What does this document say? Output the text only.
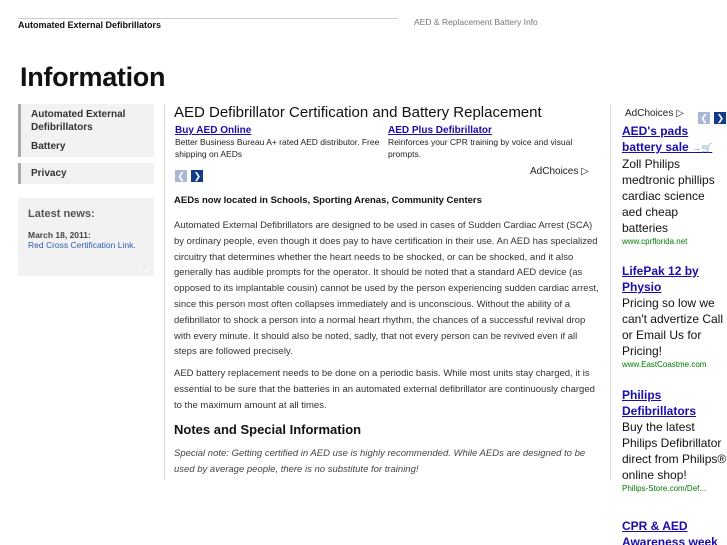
Automated External Defibrillators	AED & Replacement Battery Info
Information
Automated External Defibrillators
Battery
Privacy
Latest news:
March 18, 2011:
Red Cross Certification Link.
.
AED Defibrillator Certification and Battery Replacement
Buy AED Online
Better Business Bureau A+ rated AED distributor. Free shipping on AEDs
AED Plus Defibrillator
Reinforces your CPR training by voice and visual prompts.
❮ ❯	AdChoices ▷
AEDs now located in Schools, Sporting Arenas, Community Centers
Automated External Defibrillators are designed to be used in cases of Sudden Cardiac Arrest (SCA) by ordinary people, even though it does pay to have certification in their use. An AED has specialized circuitry that determines whether the heart needs to be shocked, or can be shocked, and it also generally has audible prompts for the operator. It should be noted that a standard AED device (as opposed to its implantable cousin) cannot be used by the person experiencing sudden cardiac arrest, since this person most often collapses immediately and is unconscious. Without the ability of a defibrillator to shock a person into a normal heart rhythm, the chances of a successful revival drop with every minute. It should also be noted, sadly, that not every person can be revived even if all steps are followed precisely.
AED battery replacement needs to be done on a periodic basis. While most units stay charged, it is essential to be sure that the batteries in an automated external defibrillator are continuously charged to the maximum amount at all times.
Notes and Special Information
Special note: Getting certified in AED use is highly recommended. While AEDs are designed to be used by average people, there is no substitute for training!
AdChoices ▷ ❮ ❯
AED's pads battery sale →🛒
Zoll Philips medtronic phillips cardiac science aed cheap batteries
www.cprflorida.net
LifePak 12 by Physio
Pricing so low we can't advertize Call or Email Us for Pricing!
www.EastCoastme.com
Philips Defibrillators
Buy the latest Philips Defibrillator direct from Philips® online shop!
Philips-Store.com/Def...
CPR & AED Awareness week
